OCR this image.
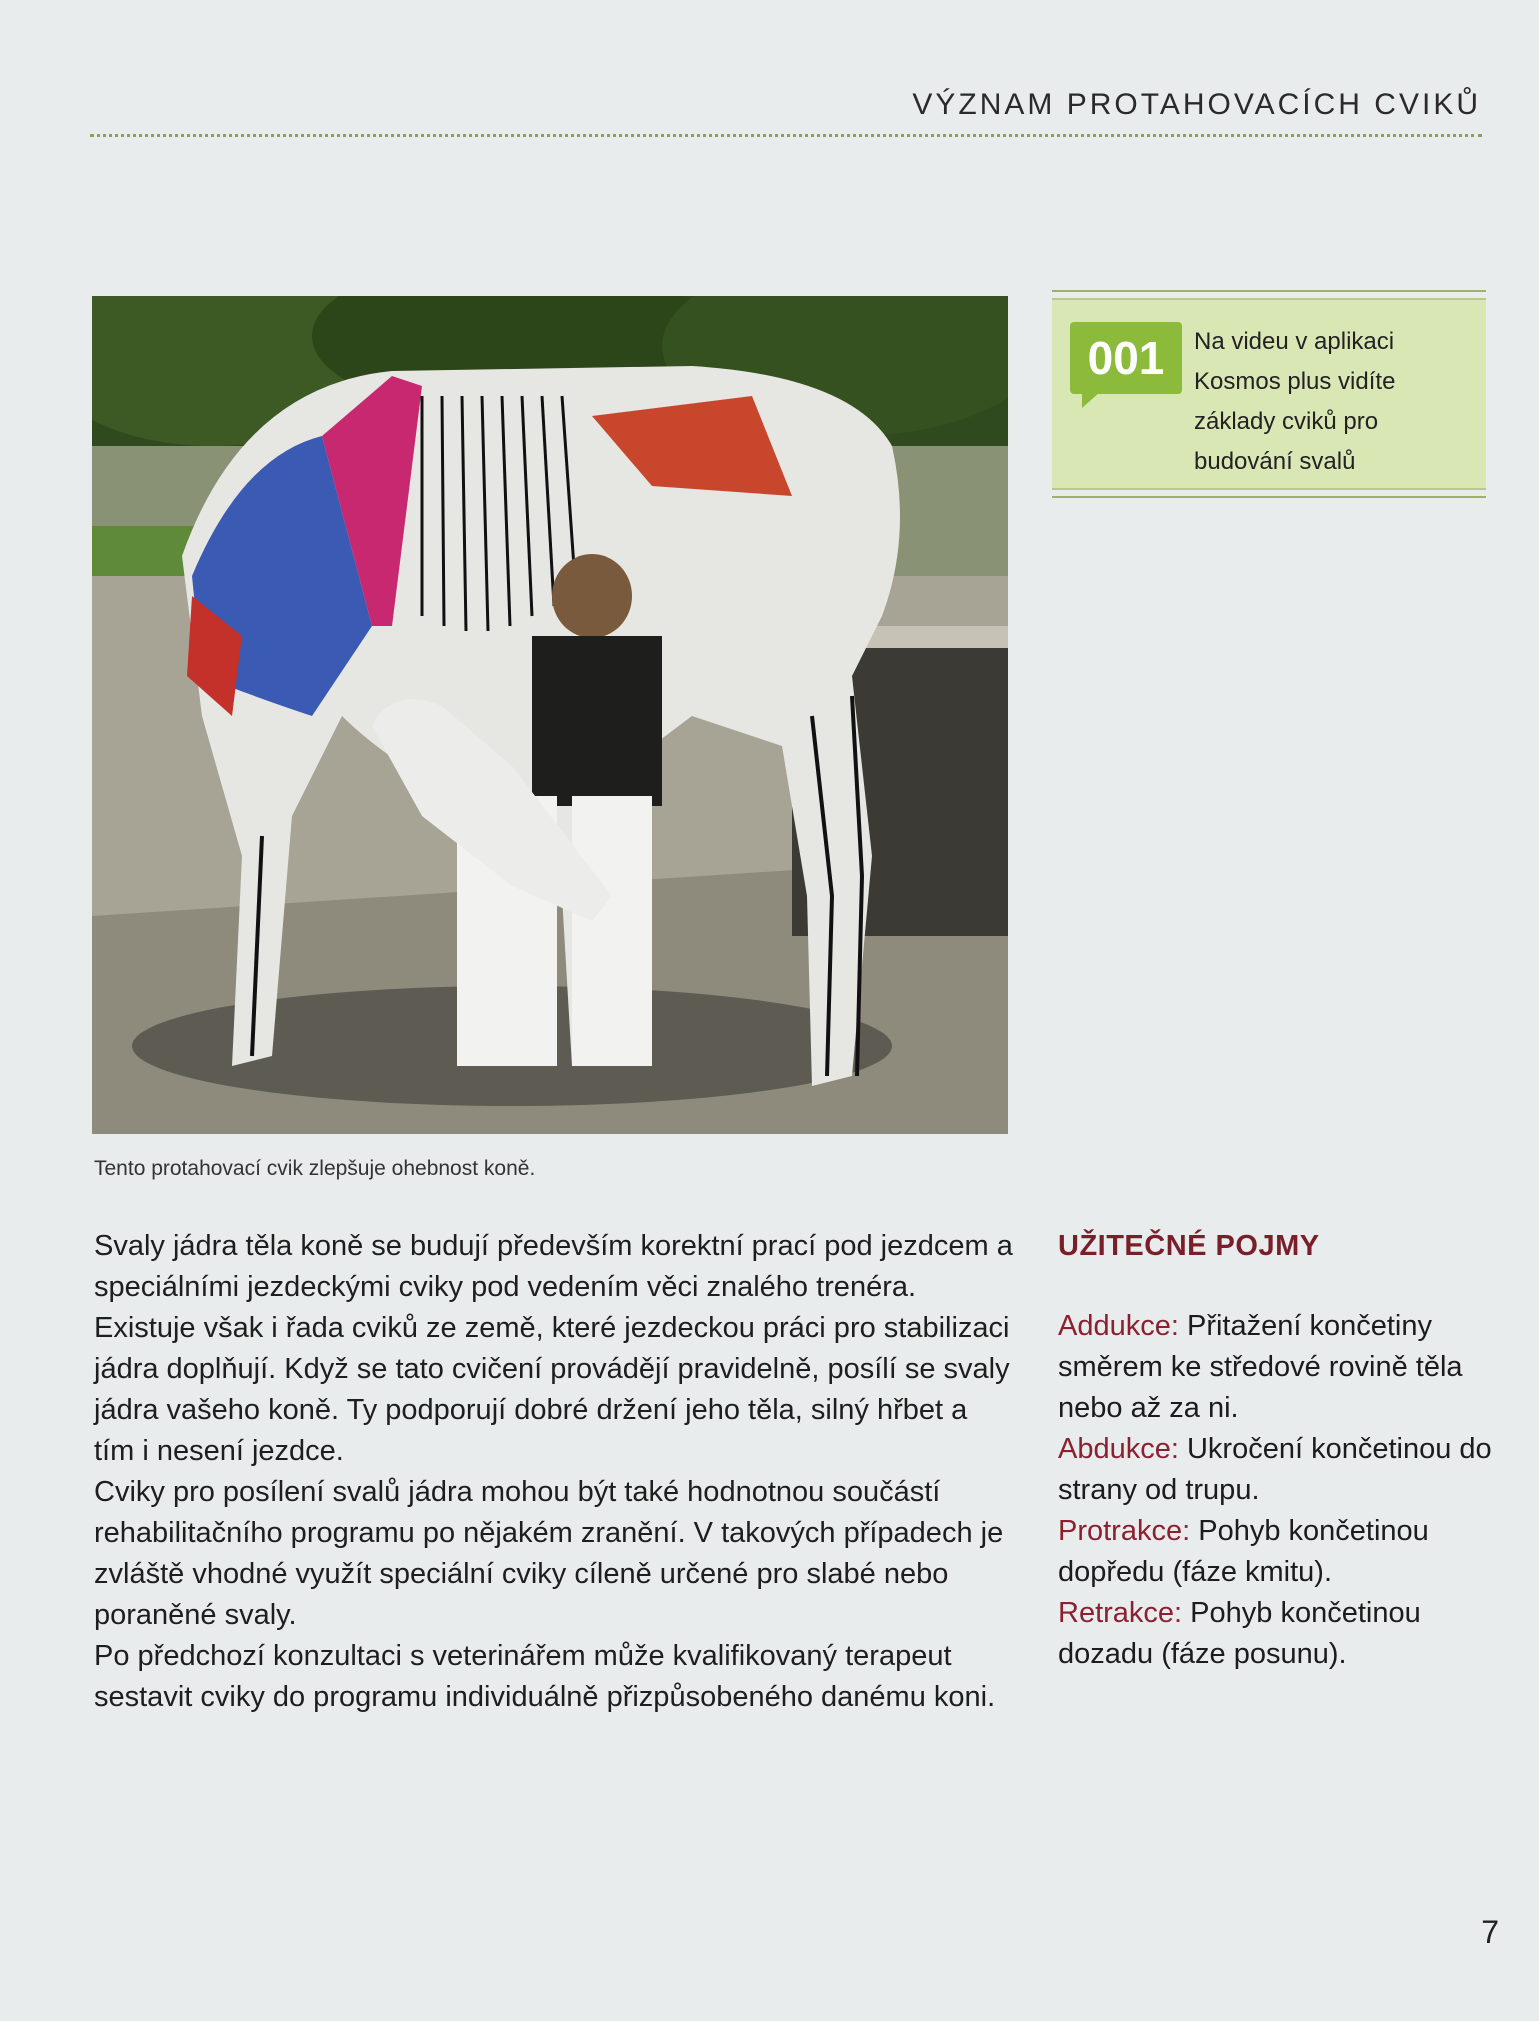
VÝZNAM PROTAHOVACÍCH CVIKŮ
Tento protahovací cvik zlepšuje ohebnost koně.
001	Na videu v aplikaci Kosmos plus vidíte základy cviků pro budování svalů

Svaly jádra těla koně se budují především korektní prací pod jezdcem a speciálními jezdeckými cviky pod vedením věci znalého trenéra. Existuje však i řada cviků ze země, které jezdeckou práci pro stabilizaci jádra doplňují. Když se tato cvičení provádějí pravidelně, posílí se svaly jádra vašeho koně. Ty podporují dobré držení jeho těla, silný hřbet a tím i nesení jezdce.

Cviky pro posílení svalů jádra mohou být také hodnotnou součástí rehabilitačního programu po nějakém zranění. V takových případech je zvláště vhodné využít speciální cviky cíleně určené pro slabé nebo poraněné svaly.

Po předchozí konzultaci s veterinářem může kvalifikovaný terapeut sestavit cviky do programu individuálně přizpůsobeného danému koni.

UŽITEČNÉ POJMY

Addukce: Přitažení končetiny směrem ke středové rovině těla nebo až za ni.

Abdukce: Ukročení končetinou do strany od trupu.

Protrakce: Pohyb končetinou dopředu (fáze kmitu).

Retrakce: Pohyb končetinou dozadu (fáze posunu).

7
